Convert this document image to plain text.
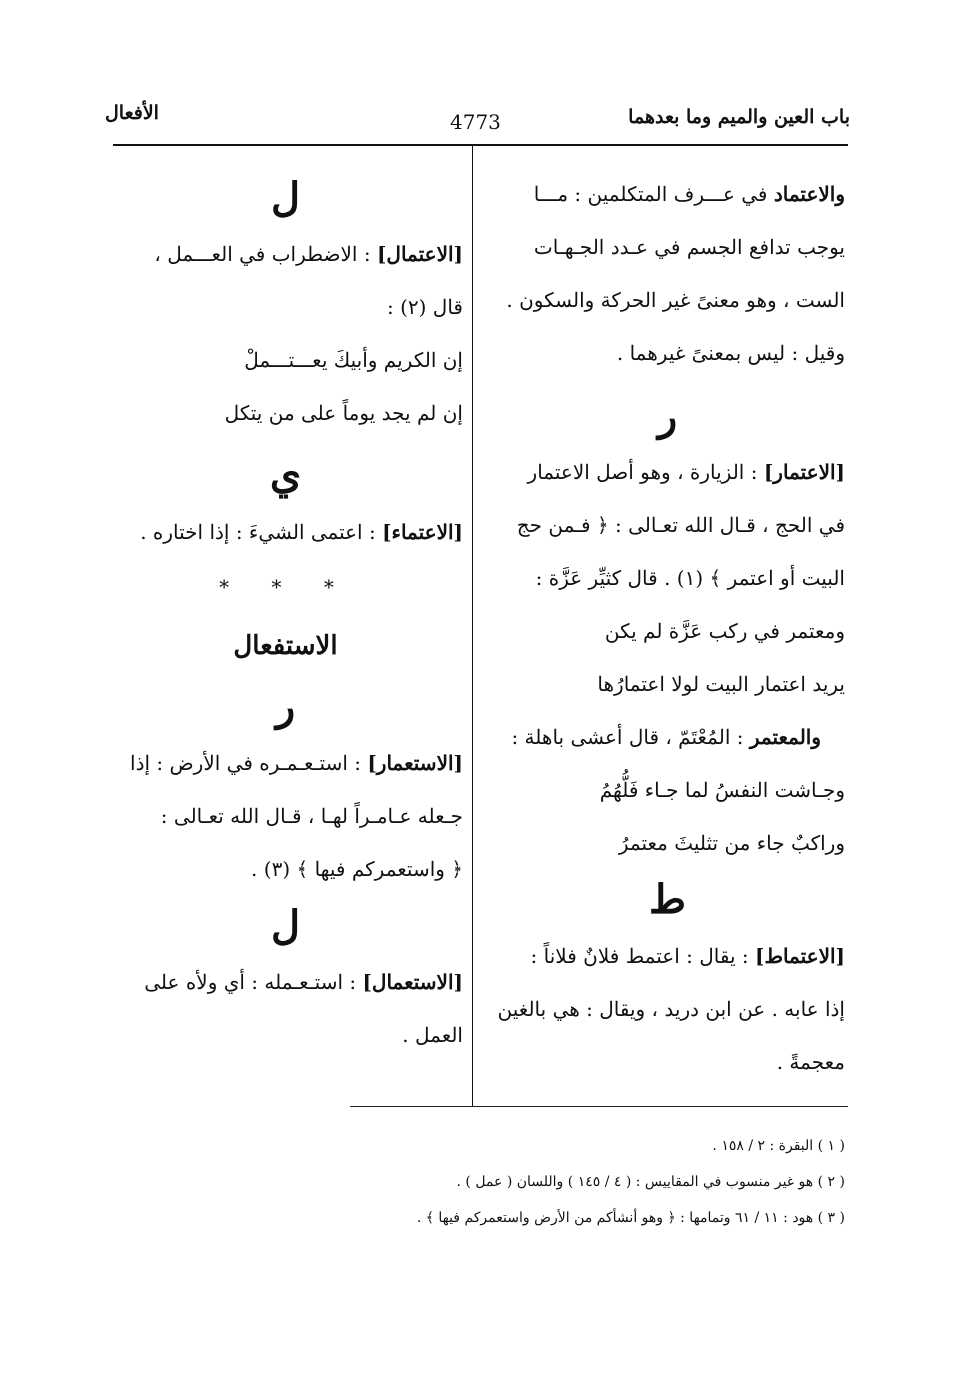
باب العين والميم وما بعدهما
4773
الأفعال
والاعتماد في عـــرف المتكلمين : مـــا
يوجب تدافع الجسم في عـدد الجـهـات
الست ، وهو معنىً غير الحركة والسكون .
وقيل : ليس بمعنىً غيرهما .
ر
[الاعتمار] : الزيارة ، وهو أصل الاعتمار
في الحج ، قـال الله تعـالى : ﴿ فـمن حج
البيت أو اعتمر ﴾ (١) . قال كثيِّر عَزَّة :
ومعتمر في ركب عَزَّة لم يكن
يريد اعتمار البيت لولا اعتمارُها
والمعتمر : المُعْتَمّ ، قال أعشى باهلة :
وجـاشت النفسُ لما جـاء فَلُّهُمُ
وراكبٌ جاء من تثليثَ معتمرُ
ط
[الاعتماط] : يقال : اعتمط فلانٌ فلاناً :
إذا عابه . عن ابن دريد ، ويقال : هي بالغين
معجمةً .
ل
[الاعتمال] : الاضطراب في العـــمل ،
قال (٢) :
إن الكريم وأبيكَ يعـــتـــملْ
إن لم يجد يوماً على من يتكل
ي
[الاعتماء] : اعتمى الشيءَ : إذا اختاره .
* * *
الاستفعال
ر
[الاستعمار] : استـعـمـره في الأرض : إذا
جـعله عـامـراً لهـا ، قـال الله تعـالى :
﴿ واستعمركم فيها ﴾ (٣) .
ل
[الاستعمال] : استـعـمله : أي ولأه على
العمل .
( ١ ) البقرة : ٢ / ١٥٨ .
( ٢ ) هو غير منسوب في المقاييس : ( ٤ / ١٤٥ ) واللسان ( عمل ) .
( ٣ ) هود : ١١ / ٦١ وتمامها : ﴿ وهو أنشأكم من الأرض واستعمركم فيها ﴾ .
